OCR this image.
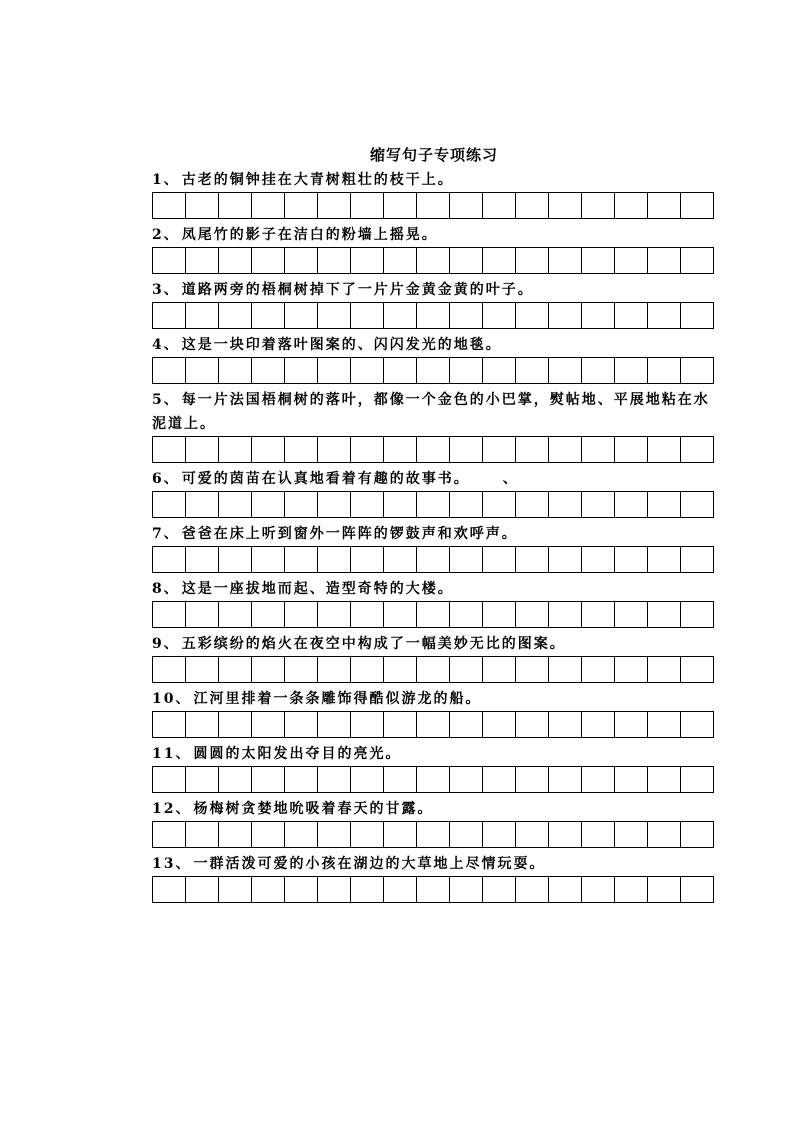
缩写句子专项练习
1、 古老的铜钟挂在大青树粗壮的枝干上。
2、 凤尾竹的影子在洁白的粉墙上摇晃。
3、 道路两旁的梧桐树掉下了一片片金黄金黄的叶子。
4、 这是一块印着落叶图案的、闪闪发光的地毯。
5、 每一片法国梧桐树的落叶，都像一个金色的小巴掌，熨帖地、平展地粘在水泥道上。
6、 可爱的茵苗在认真地看着有趣的故事书。	、
7、 爸爸在床上听到窗外一阵阵的锣鼓声和欢呼声。
8、 这是一座拔地而起、造型奇特的大楼。
9、 五彩缤纷的焰火在夜空中构成了一幅美妙无比的图案。
10、 江河里排着一条条雕饰得酷似游龙的船。
11、 圆圆的太阳发出夺目的亮光。
12、 杨梅树贪婪地吮吸着春天的甘露。
13、 一群活泼可爱的小孩在湖边的大草地上尽情玩耍。
